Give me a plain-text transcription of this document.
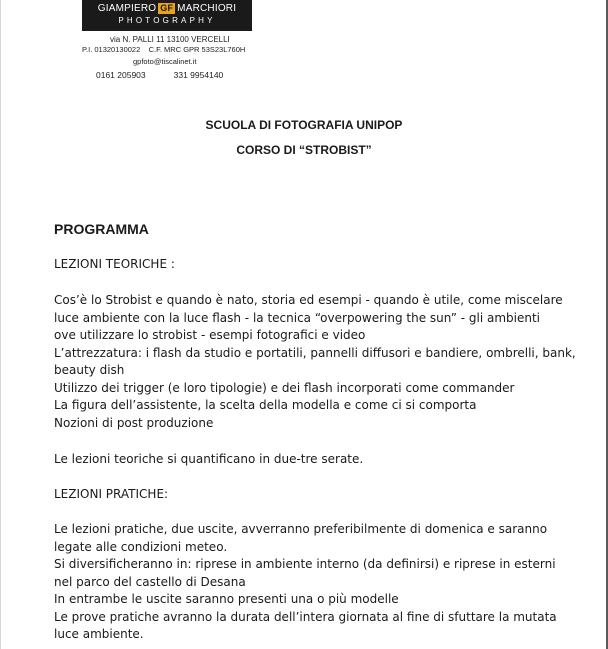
GIAMPIERO GF MARCHIORI
PHOTOGRAPHY
via N. PALLI 11 13100 VERCELLI
P.I. 01320130022 C.F. MRC GPR 53S23L760H
gpfoto@tiscalinet.it
0161 205903	331 9954140
SCUOLA DI FOTOGRAFIA UNIPOP
CORSO DI “STROBIST”
PROGRAMMA
LEZIONI TEORICHE :
Cos’è lo Strobist e quando è nato, storia ed esempi - quando è utile, come miscelare
luce ambiente con la luce flash - la tecnica “overpowering the sun” - gli ambienti
ove utilizzare lo strobist - esempi fotografici e video
L’attrezzatura: i flash da studio e portatili, pannelli diffusori e bandiere, ombrelli, bank,
beauty dish
Utilizzo dei trigger (e loro tipologie) e dei flash incorporati come commander
La figura dell’assistente, la scelta della modella e come ci si comporta
Nozioni di post produzione
Le lezioni teoriche si quantificano in due-tre serate.
LEZIONI PRATICHE:
Le lezioni pratiche, due uscite, avverranno preferibilmente di domenica e saranno
legate alle condizioni meteo.
Si diversificheranno in: riprese in ambiente interno (da definirsi) e riprese in esterni
nel parco del castello di Desana
In entrambe le uscite saranno presenti una o più modelle
Le prove pratiche avranno la durata dell’intera giornata al fine di sfuttare la mutata
luce ambiente.
